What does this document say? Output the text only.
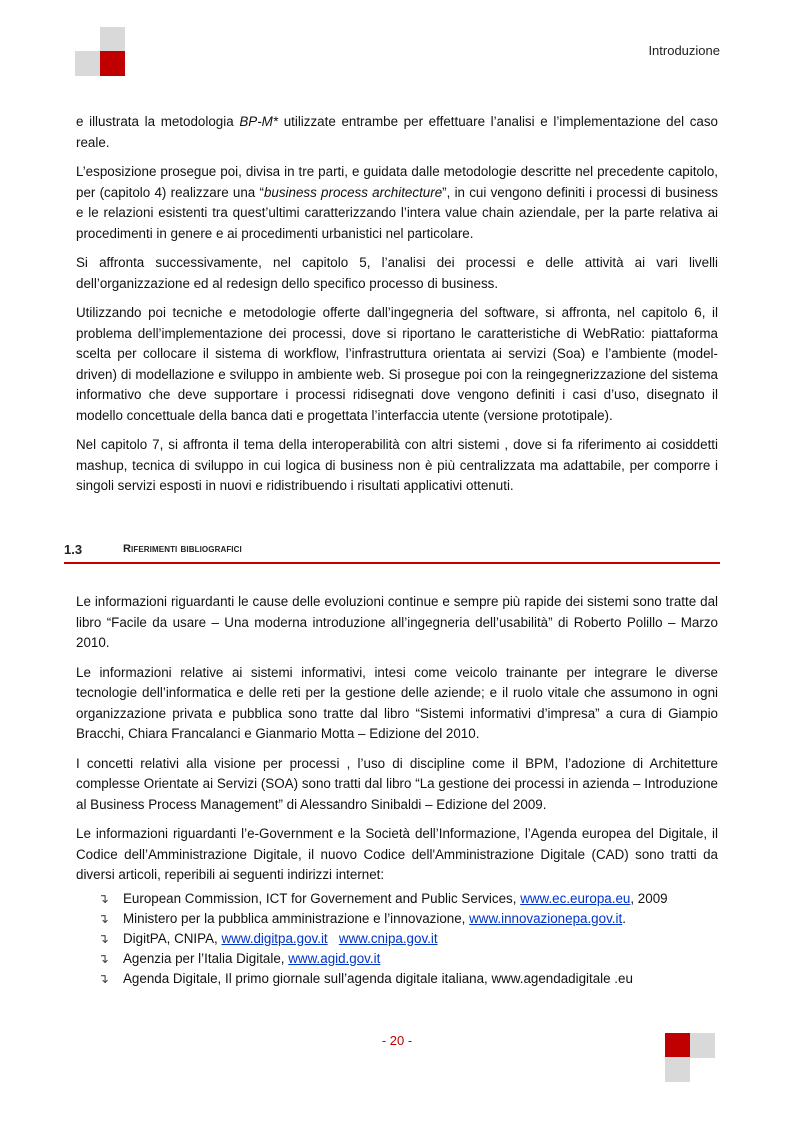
Introduzione

e illustrata la metodologia BP-M* utilizzate entrambe per effettuare l’analisi e l’implementazione del caso reale.

L’esposizione prosegue poi, divisa in tre parti, e guidata dalle metodologie descritte nel precedente capitolo, per (capitolo 4) realizzare una “business process architecture”, in cui vengono definiti i processi di business e le relazioni esistenti tra quest’ultimi caratterizzando l’intera value chain aziendale, per la parte relativa ai procedimenti in genere e ai procedimenti urbanistici nel particolare.

Si affronta successivamente, nel capitolo 5, l’analisi dei processi e delle attività ai vari livelli dell’organizzazione ed al redesign dello specifico processo di business.

Utilizzando poi tecniche e metodologie offerte dall’ingegneria del software, si affronta, nel capitolo 6, il problema dell’implementazione dei processi, dove si riportano le caratteristiche di WebRatio: piattaforma scelta per collocare il sistema di workflow, l’infrastruttura orientata ai servizi (Soa) e l’ambiente (model-driven) di modellazione e sviluppo in ambiente web. Si prosegue poi con la reingegnerizzazione del sistema informativo che deve supportare i processi ridisegnati dove vengono definiti i casi d’uso, disegnato il modello concettuale della banca dati e progettata l’interfaccia utente (versione prototipale).

Nel capitolo 7, si affronta il tema della interoperabilità con altri sistemi , dove si fa riferimento ai cosiddetti mashup, tecnica di sviluppo in cui logica di business non è più centralizzata ma adattabile, per comporre i singoli servizi esposti in nuovi e ridistribuendo i risultati applicativi ottenuti.

1.3	Riferimenti bibliografici

Le informazioni riguardanti le cause delle evoluzioni continue e sempre più rapide dei sistemi sono tratte dal libro “Facile da usare – Una moderna introduzione all’ingegneria dell’usabilità” di Roberto Polillo – Marzo 2010.

Le informazioni relative ai sistemi informativi, intesi come veicolo trainante per integrare le diverse tecnologie dell’informatica e delle reti per la gestione delle aziende; e il ruolo vitale che assumono in ogni organizzazione privata e pubblica sono tratte dal libro “Sistemi informativi d’impresa” a cura di Giampio Bracchi, Chiara Francalanci e Gianmario Motta – Edizione del 2010.

I concetti relativi alla visione per processi , l’uso di discipline come il BPM, l’adozione di Architetture complesse Orientate ai Servizi (SOA) sono tratti dal libro “La gestione dei processi in azienda – Introduzione al Business Process Management” di Alessandro Sinibaldi – Edizione del 2009.

Le informazioni riguardanti l’e-Government e la Società dell’Informazione, l’Agenda europea del Digitale, il Codice dell’Amministrazione Digitale, il nuovo Codice dell'Amministrazione Digitale (CAD) sono tratti da diversi articoli, reperibili ai seguenti indirizzi internet:

↴ European Commission, ICT for Governement and Public Services, www.ec.europa.eu, 2009
↴ Ministero per la pubblica amministrazione e l’innovazione, www.innovazionepa.gov.it.
↴ DigitPA, CNIPA, www.digitpa.gov.it www.cnipa.gov.it
↴ Agenzia per l’Italia Digitale, www.agid.gov.it
↴ Agenda Digitale, Il primo giornale sull’agenda digitale italiana, www.agendadigitale .eu
- 20 -
